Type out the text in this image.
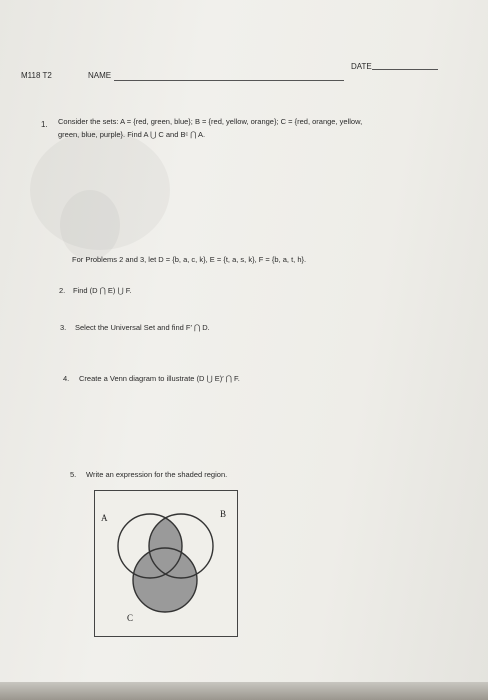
M118 T2	NAME
DATE
1. Consider the sets: A = {red, green, blue}; B = {red, yellow, orange}; C = {red, orange, yellow,
green, blue, purple}. Find A ⋃ C and Bᶜ ⋂ A.
For Problems 2 and 3, let D = {b, a, c, k}, E = {t, a, s, k}, F = {b, a, t, h}.
2. Find (D ⋂ E) ⋃ F.
3. Select the Universal Set and find F′ ⋂ D.
4. Create a Venn diagram to illustrate (D ⋃ E)′ ⋂ F.
5. Write an expression for the shaded region.
A	B
C
